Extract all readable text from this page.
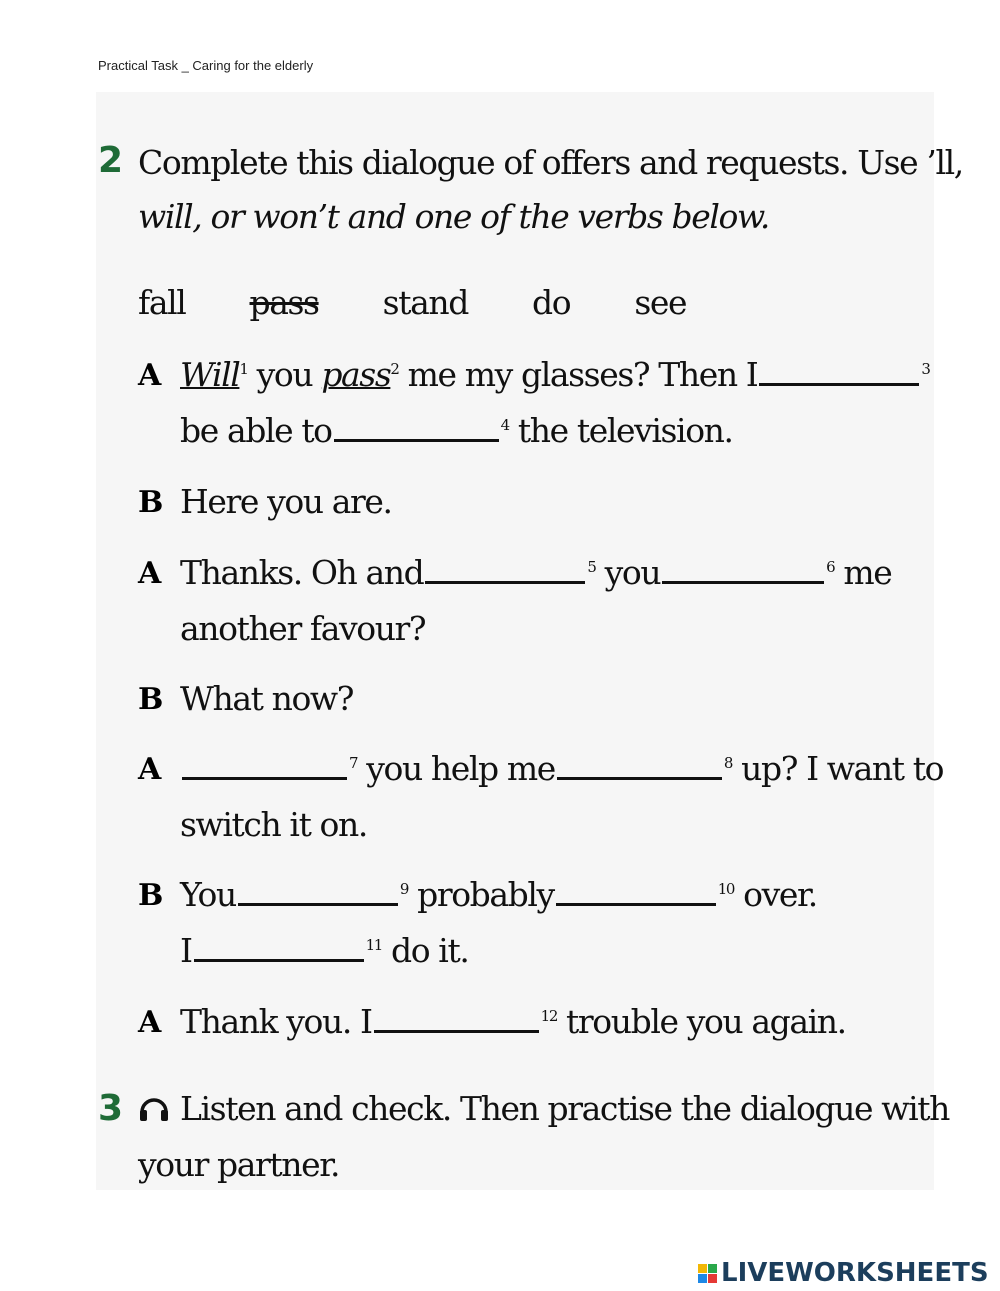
Practical Task _ Caring for the elderly
2 Complete this dialogue of offers and requests. Use ’ll,
will, or won’t and one of the verbs below.
fall pass stand do see
A Will$^1$ you pass$^2$ me my glasses? Then I	$^3$
be able to	$^4$ the television.
B Here you are.
A Thanks. Oh and	$^5$ you	$^6$ me
another favour?
B What now?
A	$^7$ you help me	$^8$ up? I want to
switch it on.
B You	$^9$ probably	$^{10}$ over.
I	$^{11}$ do it.
A Thank you. I	$^{12}$ trouble you again.
3 Listen and check. Then practise the dialogue with
your partner.
LIVEWORKSHEETS
